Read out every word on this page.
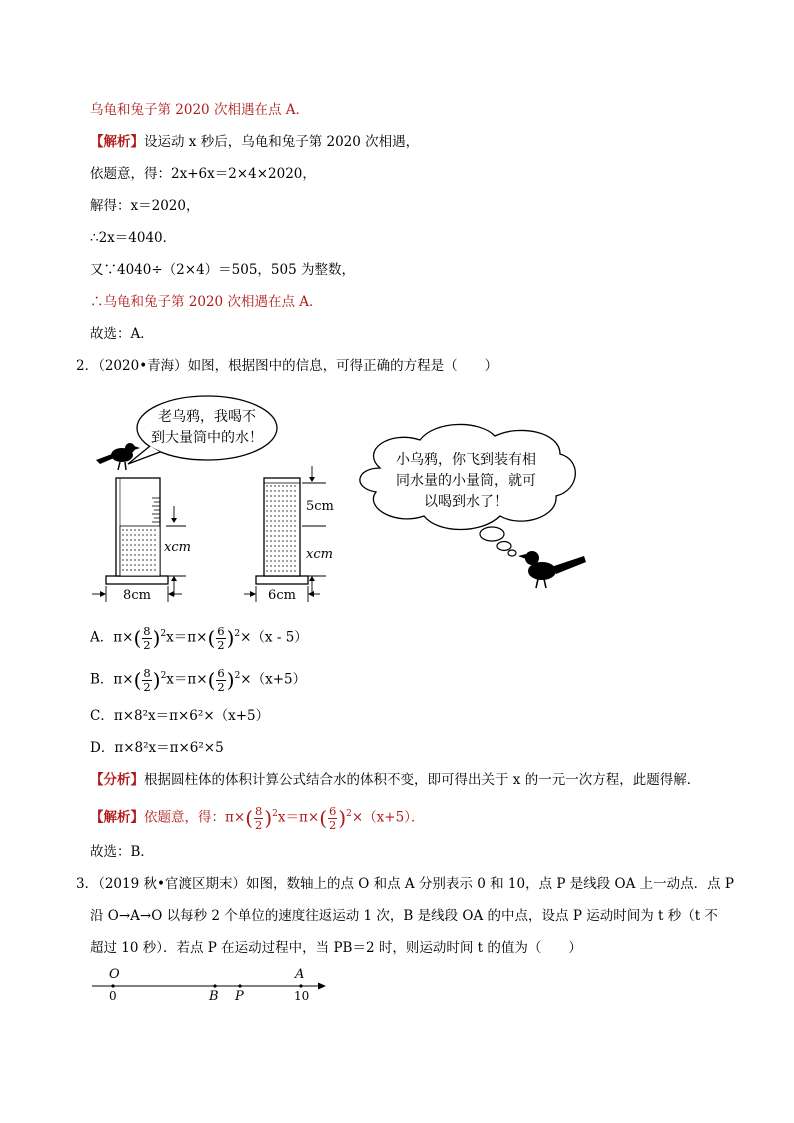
乌龟和兔子第 2020 次相遇在点 A．
【解析】设运动 x 秒后，乌龟和兔子第 2020 次相遇，
依题意，得：2x+6x＝2×4×2020，
解得：x＝2020，
∴2x＝4040．
又∵4040÷（2×4）＝505，505 为整数，
∴乌龟和兔子第 2020 次相遇在点 A．
故选：A．
2．（2020•青海）如图，根据图中的信息，可得正确的方程是（　　）
老乌鸦，我喝不
到大量筒中的水！
xcm
8cm
5cm
xcm
6cm
小乌鸦，你飞到装有相
同水量的小量筒，就可
以喝到水了！
A．$\pi\times( \frac{8}{2} )^2x=\pi\times( \frac{6}{2} )^2\times(x - 5)$
B．$\pi\times( \frac{8}{2} )^2x=\pi\times( \frac{6}{2} )^2\times(x+5)$
C．π×8²x＝π×6²×（x+5）
D．π×8²x＝π×6²×5
【分析】根据圆柱体的体积计算公式结合水的体积不变，即可得出关于 x 的一元一次方程，此题得解．
【解析】依题意，得：$\pi\times( \frac{8}{2} )^2x=\pi\times( \frac{6}{2} )^2\times(x+5)$．
故选：B．
3．（2019 秋•官渡区期末）如图，数轴上的点 O 和点 A 分别表示 0 和 10，点 P 是线段 OA 上一动点．点 P
沿 O→A→O 以每秒 2 个单位的速度往返运动 1 次，B 是线段 OA 的中点，设点 P 运动时间为 t 秒（t 不
超过 10 秒）．若点 P 在运动过程中，当 PB＝2 时，则运动时间 t 的值为（　　）
O	A
0	10
B P
